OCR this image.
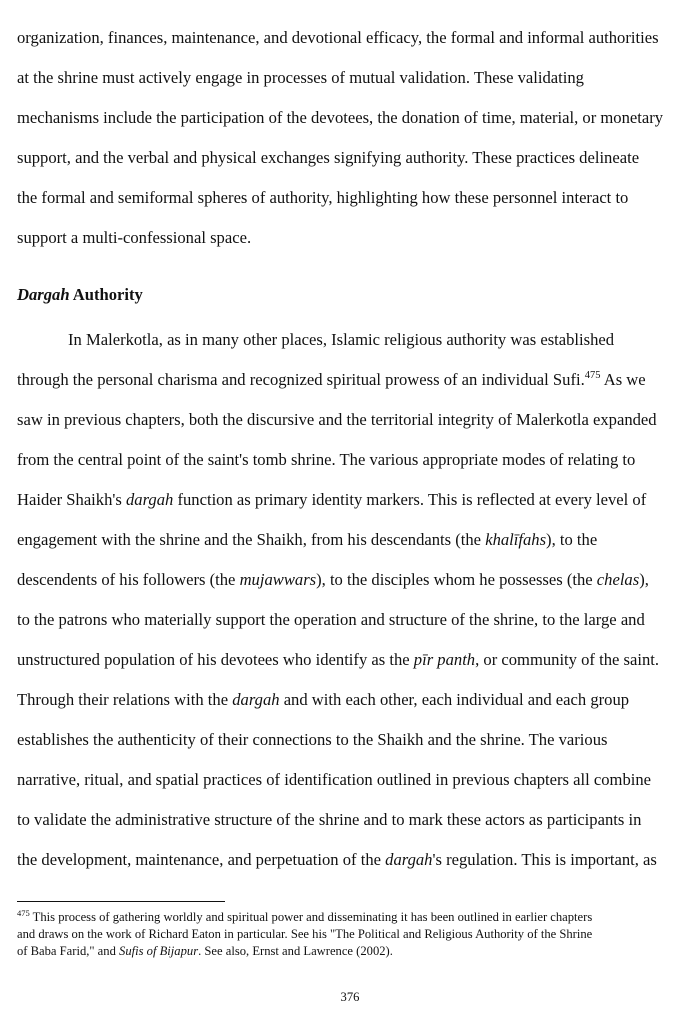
organization, finances, maintenance, and devotional efficacy, the formal and informal authorities
at the shrine must actively engage in processes of mutual validation. These validating
mechanisms include the participation of the devotees, the donation of time, material, or monetary
support, and the verbal and physical exchanges signifying authority. These practices delineate
the formal and semiformal spheres of authority, highlighting how these personnel interact to
support a multi-confessional space.
Dargah Authority
In Malerkotla, as in many other places, Islamic religious authority was established
through the personal charisma and recognized spiritual prowess of an individual Sufi.$^{475}$ As we
saw in previous chapters, both the discursive and the territorial integrity of Malerkotla expanded
from the central point of the saint's tomb shrine. The various appropriate modes of relating to
Haider Shaikh's dargah function as primary identity markers. This is reflected at every level of
engagement with the shrine and the Shaikh, from his descendants (the khalīfahs), to the
descendents of his followers (the mujawwars), to the disciples whom he possesses (the chelas),
to the patrons who materially support the operation and structure of the shrine, to the large and
unstructured population of his devotees who identify as the pīr panth, or community of the saint.
Through their relations with the dargah and with each other, each individual and each group
establishes the authenticity of their connections to the Shaikh and the shrine. The various
narrative, ritual, and spatial practices of identification outlined in previous chapters all combine
to validate the administrative structure of the shrine and to mark these actors as participants in
the development, maintenance, and perpetuation of the dargah's regulation. This is important, as
$^{475}$ This process of gathering worldly and spiritual power and disseminating it has been outlined in earlier chapters
and draws on the work of Richard Eaton in particular. See his "The Political and Religious Authority of the Shrine
of Baba Farid," and Sufis of Bijapur. See also, Ernst and Lawrence (2002).
376
